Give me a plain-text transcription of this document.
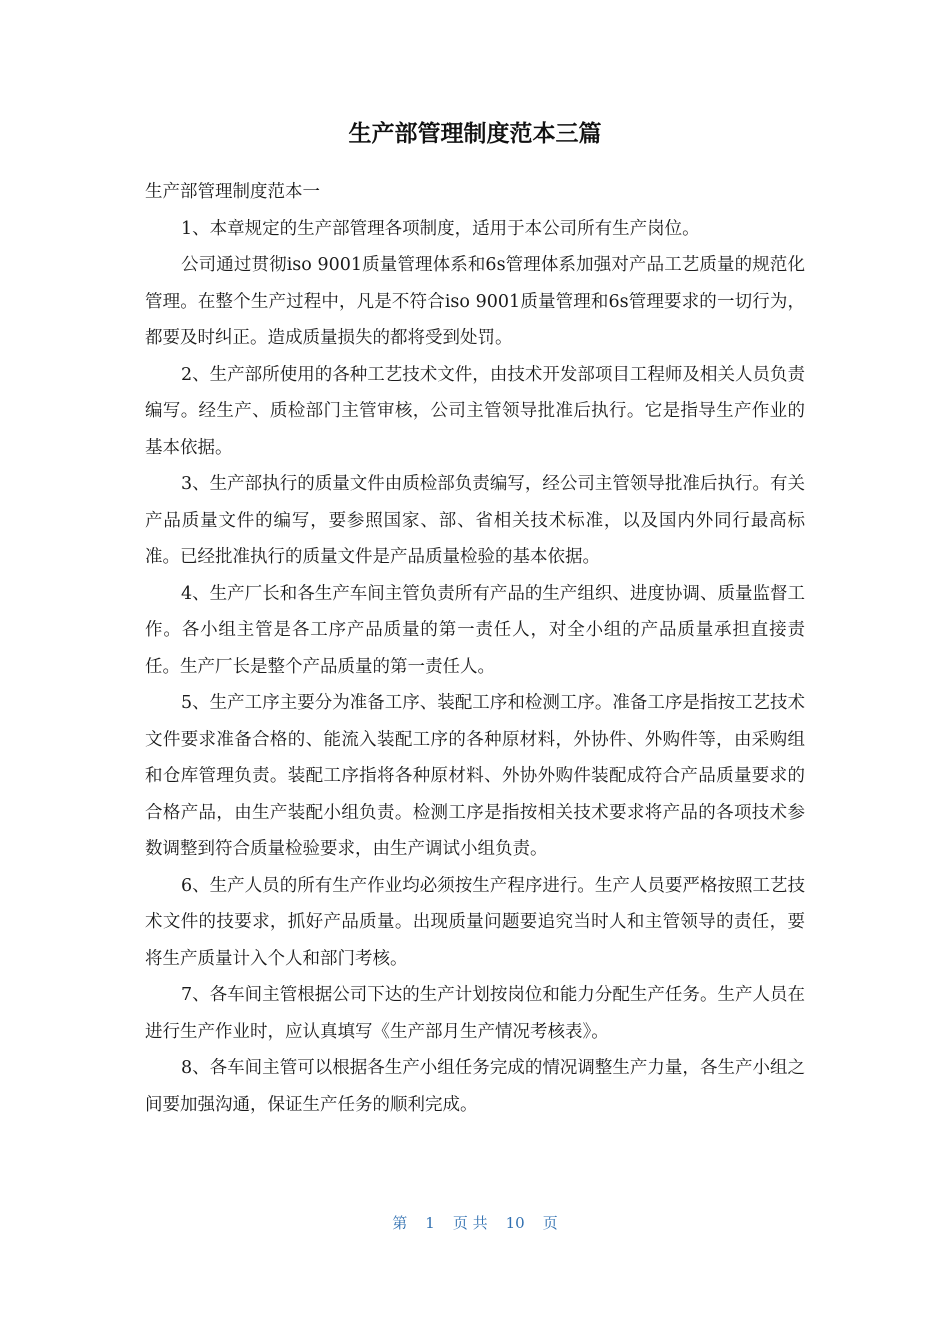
生产部管理制度范本三篇

生产部管理制度范本一

1、本章规定的生产部管理各项制度，适用于本公司所有生产岗位。

公司通过贯彻iso 9001质量管理体系和6s管理体系加强对产品工艺质量的规范化管理。在整个生产过程中，凡是不符合iso 9001质量管理和6s管理要求的一切行为，都要及时纠正。造成质量损失的都将受到处罚。

2、生产部所使用的各种工艺技术文件，由技术开发部项目工程师及相关人员负责编写。经生产、质检部门主管审核，公司主管领导批准后执行。它是指导生产作业的基本依据。

3、生产部执行的质量文件由质检部负责编写，经公司主管领导批准后执行。有关产品质量文件的编写，要参照国家、部、省相关技术标准，以及国内外同行最高标准。已经批准执行的质量文件是产品质量检验的基本依据。

4、生产厂长和各生产车间主管负责所有产品的生产组织、进度协调、质量监督工作。各小组主管是各工序产品质量的第一责任人，对全小组的产品质量承担直接责任。生产厂长是整个产品质量的第一责任人。

5、生产工序主要分为准备工序、装配工序和检测工序。准备工序是指按工艺技术文件要求准备合格的、能流入装配工序的各种原材料，外协件、外购件等，由采购组和仓库管理负责。装配工序指将各种原材料、外协外购件装配成符合产品质量要求的合格产品，由生产装配小组负责。检测工序是指按相关技术要求将产品的各项技术参数调整到符合质量检验要求，由生产调试小组负责。

6、生产人员的所有生产作业均必须按生产程序进行。生产人员要严格按照工艺技术文件的技要求，抓好产品质量。出现质量问题要追究当时人和主管领导的责任，要将生产质量计入个人和部门考核。

7、各车间主管根据公司下达的生产计划按岗位和能力分配生产任务。生产人员在进行生产作业时，应认真填写《生产部月生产情况考核表》。

8、各车间主管可以根据各生产小组任务完成的情况调整生产力量，各生产小组之间要加强沟通，保证生产任务的顺利完成。

第 1 页 共 10 页
